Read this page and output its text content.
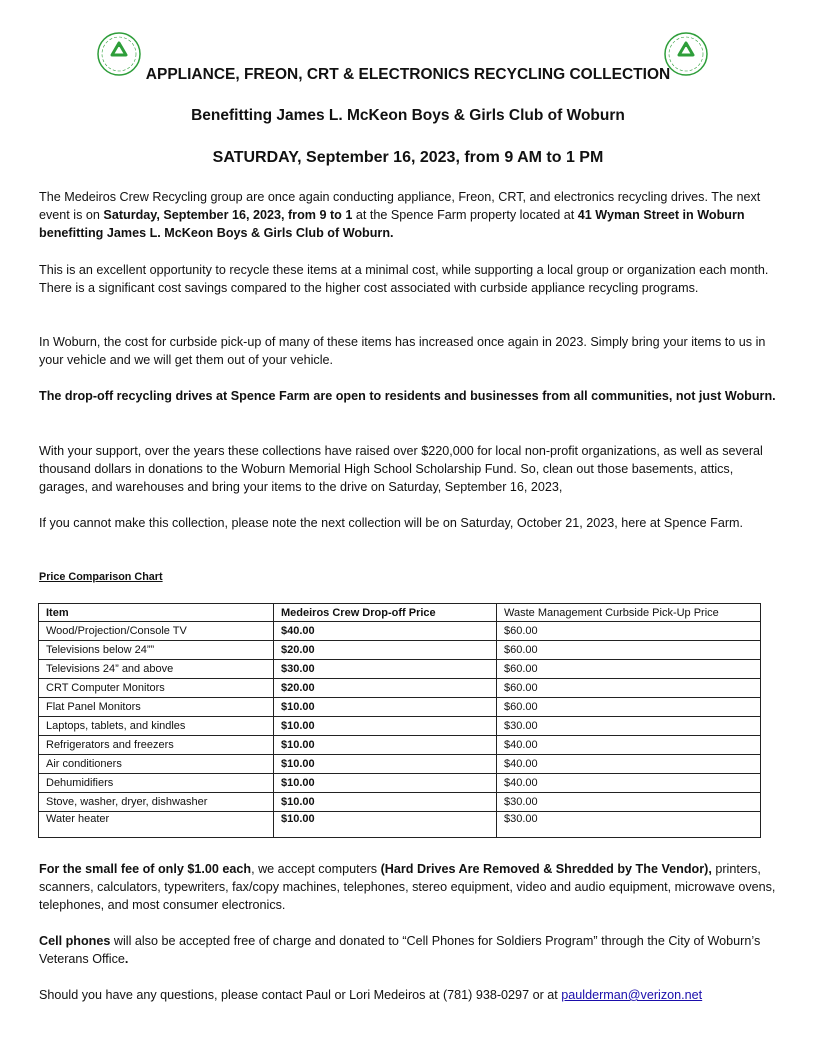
APPLIANCE, FREON, CRT & ELECTRONICS RECYCLING COLLECTION
Benefitting James L. McKeon Boys & Girls Club of Woburn
SATURDAY, September 16, 2023, from 9 AM to 1 PM

The Medeiros Crew Recycling group are once again conducting appliance, Freon, CRT, and electronics recycling drives. The next event is on Saturday, September 16, 2023, from 9 to 1 at the Spence Farm property located at 41 Wyman Street in Woburn benefitting James L. McKeon Boys & Girls Club of Woburn.

This is an excellent opportunity to recycle these items at a minimal cost, while supporting a local group or organization each month. There is a significant cost savings compared to the higher cost associated with curbside appliance recycling programs.

In Woburn, the cost for curbside pick-up of many of these items has increased once again in 2023. Simply bring your items to us in your vehicle and we will get them out of your vehicle.

The drop-off recycling drives at Spence Farm are open to residents and businesses from all communities, not just Woburn.

With your support, over the years these collections have raised over $220,000 for local non-profit organizations, as well as several thousand dollars in donations to the Woburn Memorial High School Scholarship Fund. So, clean out those basements, attics, garages, and warehouses and bring your items to the drive on Saturday, September 16, 2023,

If you cannot make this collection, please note the next collection will be on Saturday, October 21, 2023, here at Spence Farm.

Price Comparison Chart
Item	Medeiros Crew Drop-off Price	Waste Management Curbside Pick-Up Price
Wood/Projection/Console TV	$40.00	$60.00
Televisions below 24””	$20.00	$60.00
Televisions 24” and above	$30.00	$60.00
CRT Computer Monitors	$20.00	$60.00
Flat Panel Monitors	$10.00	$60.00
Laptops, tablets, and kindles	$10.00	$30.00
Refrigerators and freezers	$10.00	$40.00
Air conditioners	$10.00	$40.00
Dehumidifiers	$10.00	$40.00
Stove, washer, dryer, dishwasher	$10.00	$30.00
Water heater	$10.00	$30.00

For the small fee of only $1.00 each, we accept computers (Hard Drives Are Removed & Shredded by The Vendor), printers, scanners, calculators, typewriters, fax/copy machines, telephones, stereo equipment, video and audio equipment, microwave ovens, telephones, and most consumer electronics.

Cell phones will also be accepted free of charge and donated to “Cell Phones for Soldiers Program” through the City of Woburn’s Veterans Office.

Should you have any questions, please contact Paul or Lori Medeiros at (781) 938-0297 or at paulderman@verizon.net
